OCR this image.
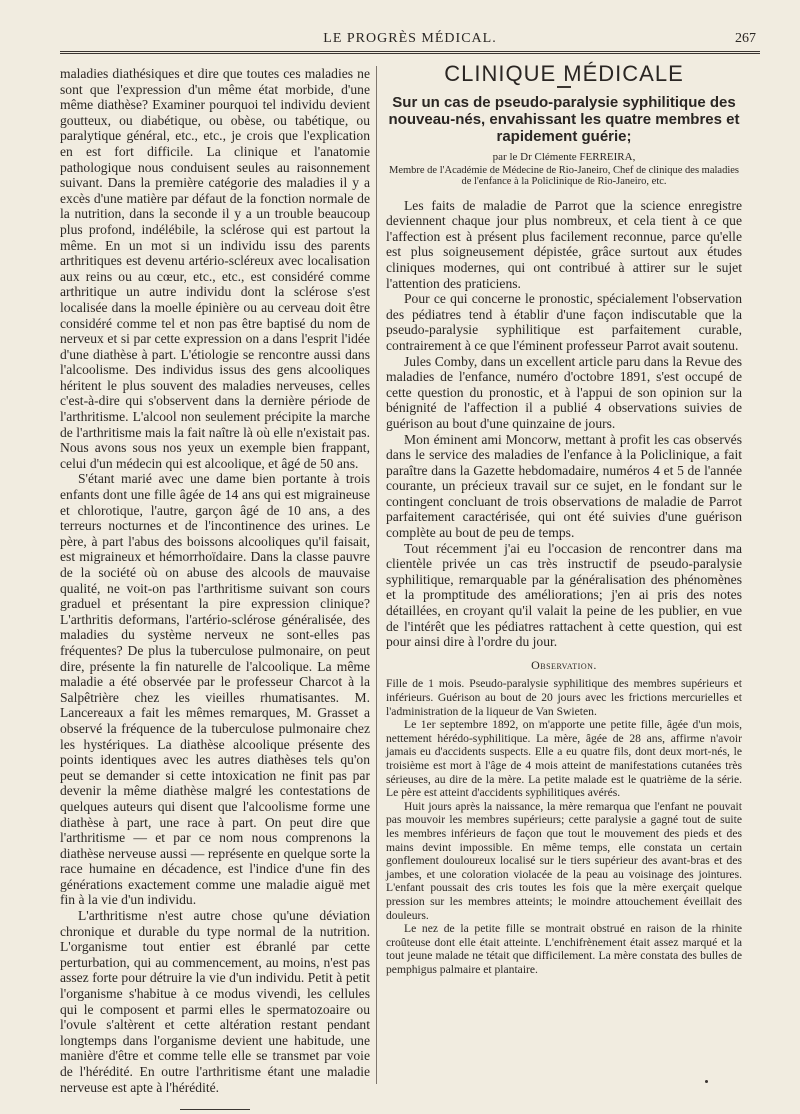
LE PROGRÈS MÉDICAL.	267

maladies diathésiques et dire que toutes ces maladies ne sont que l'expression d'un même état morbide, d'une même diathèse? Examiner pourquoi tel individu devient goutteux, ou diabétique, ou obèse, ou tabétique, ou paralytique général, etc., etc., je crois que l'explication en est fort difficile. La clinique et l'anatomie pathologique nous conduisent seules au raisonnement suivant. Dans la première catégorie des maladies il y a excès d'une matière par défaut de la fonction normale de la nutrition, dans la seconde il y a un trouble beaucoup plus profond, indélébile, la sclérose qui est partout la même. En un mot si un individu issu des parents arthritiques est devenu artério-scléreux avec localisation aux reins ou au cœur, etc., etc., est considéré comme arthritique un autre individu dont la sclérose s'est localisée dans la moelle épinière ou au cerveau doit être considéré comme tel et non pas être baptisé du nom de nerveux et si par cette expression on a dans l'esprit l'idée d'une diathèse à part. L'étiologie se rencontre aussi dans l'alcoolisme. Des individus issus des gens alcooliques héritent le plus souvent des maladies nerveuses, celles c'est-à-dire qui s'observent dans la dernière période de l'arthritisme. L'alcool non seulement précipite la marche de l'arthritisme mais la fait naître là où elle n'existait pas. Nous avons sous nos yeux un exemple bien frappant, celui d'un médecin qui est alcoolique, et âgé de 50 ans.

S'étant marié avec une dame bien portante à trois enfants dont une fille âgée de 14 ans qui est migraineuse et chlorotique, l'autre, garçon âgé de 10 ans, a des terreurs nocturnes et de l'incontinence des urines. Le père, à part l'abus des boissons alcooliques qu'il faisait, est migraineux et hémorrhoïdaire. Dans la classe pauvre de la société où on abuse des alcools de mauvaise qualité, ne voit-on pas l'arthritisme suivant son cours graduel et présentant la pire expression clinique? L'arthritis deformans, l'artério-sclérose généralisée, des maladies du système nerveux ne sont-elles pas fréquentes? De plus la tuberculose pulmonaire, on peut dire, présente la fin naturelle de l'alcoolique. La même maladie a été observée par le professeur Charcot à la Salpêtrière chez les vieilles rhumatisantes. M. Lancereaux a fait les mêmes remarques, M. Grasset a observé la fréquence de la tuberculose pulmonaire chez les hystériques. La diathèse alcoolique présente des points identiques avec les autres diathèses tels qu'on peut se demander si cette intoxication ne finit pas par devenir la même diathèse malgré les contestations de quelques auteurs qui disent que l'alcoolisme forme une diathèse à part, une race à part. On peut dire que l'arthritisme — et par ce nom nous comprenons la diathèse nerveuse aussi — représente en quelque sorte la race humaine en décadence, est l'indice d'une fin des générations exactement comme une maladie aiguë met fin à la vie d'un individu.

L'arthritisme n'est autre chose qu'une déviation chronique et durable du type normal de la nutrition. L'organisme tout entier est ébranlé par cette perturbation, qui au commencement, au moins, n'est pas assez forte pour détruire la vie d'un individu. Petit à petit l'organisme s'habitue à ce modus vivendi, les cellules qui le composent et parmi elles le spermatozoaire ou l'ovule s'altèrent et cette altération restant pendant longtemps dans l'organisme devient une habitude, une manière d'être et comme telle elle se transmet par voie de l'hérédité. En outre l'arthritisme étant une maladie nerveuse est apte à l'hérédité.

CLINIQUE MÉDICALE
Sur un cas de pseudo-paralysie syphilitique des nouveau-nés, envahissant les quatre membres et rapidement guérie;
par le Dr Clémente FERREIRA,
Membre de l'Académie de Médecine de Rio-Janeiro, Chef de clinique des maladies de l'enfance à la Policlinique de Rio-Janeiro, etc.

Les faits de maladie de Parrot que la science enregistre deviennent chaque jour plus nombreux, et cela tient à ce que l'affection est à présent plus facilement reconnue, parce qu'elle est plus soigneusement dépistée, grâce surtout aux études cliniques modernes, qui ont contribué à attirer sur le sujet l'attention des praticiens.

Pour ce qui concerne le pronostic, spécialement l'observation des pédiatres tend à établir d'une façon indiscutable que la pseudo-paralysie syphilitique est parfaitement curable, contrairement à ce que l'éminent professeur Parrot avait soutenu.

Jules Comby, dans un excellent article paru dans la Revue des maladies de l'enfance, numéro d'octobre 1891, s'est occupé de cette question du pronostic, et à l'appui de son opinion sur la bénignité de l'affection il a publié 4 observations suivies de guérison au bout d'une quinzaine de jours.

Mon éminent ami Moncorw, mettant à profit les cas observés dans le service des maladies de l'enfance à la Policlinique, a fait paraître dans la Gazette hebdomadaire, numéros 4 et 5 de l'année courante, un précieux travail sur ce sujet, en le fondant sur le contingent concluant de trois observations de maladie de Parrot parfaitement caractérisée, qui ont été suivies d'une guérison complète au bout de peu de temps.

Tout récemment j'ai eu l'occasion de rencontrer dans ma clientèle privée un cas très instructif de pseudo-paralysie syphilitique, remarquable par la généralisation des phénomènes et la promptitude des améliorations; j'en ai pris des notes détaillées, en croyant qu'il valait la peine de les publier, en vue de l'intérêt que les pédiatres rattachent à cette question, qui est pour ainsi dire à l'ordre du jour.

Observation.

Fille de 1 mois. Pseudo-paralysie syphilitique des membres supérieurs et inférieurs. Guérison au bout de 20 jours avec les frictions mercurielles et l'administration de la liqueur de Van Swieten.

Le 1er septembre 1892, on m'apporte une petite fille, âgée d'un mois, nettement hérédo-syphilitique. La mère, âgée de 28 ans, affirme n'avoir jamais eu d'accidents suspects. Elle a eu quatre fils, dont deux mort-nés, le troisième est mort à l'âge de 4 mois atteint de manifestations cutanées très sérieuses, au dire de la mère. La petite malade est le quatrième de la série. Le père est atteint d'accidents syphilitiques avérés.

Huit jours après la naissance, la mère remarqua que l'enfant ne pouvait pas mouvoir les membres supérieurs; cette paralysie a gagné tout de suite les membres inférieurs de façon que tout le mouvement des pieds et des mains devint impossible. En même temps, elle constata un certain gonflement douloureux localisé sur le tiers supérieur des avant-bras et des jambes, et une coloration violacée de la peau au voisinage des jointures. L'enfant poussait des cris toutes les fois que la mère exerçait quelque pression sur les membres atteints; le moindre attouchement éveillait des douleurs.

Le nez de la petite fille se montrait obstrué en raison de la rhinite croûteuse dont elle était atteinte. L'enchifrènement était assez marqué et la tout jeune malade ne tétait que difficilement. La mère constata des bulles de pemphigus palmaire et plantaire.
